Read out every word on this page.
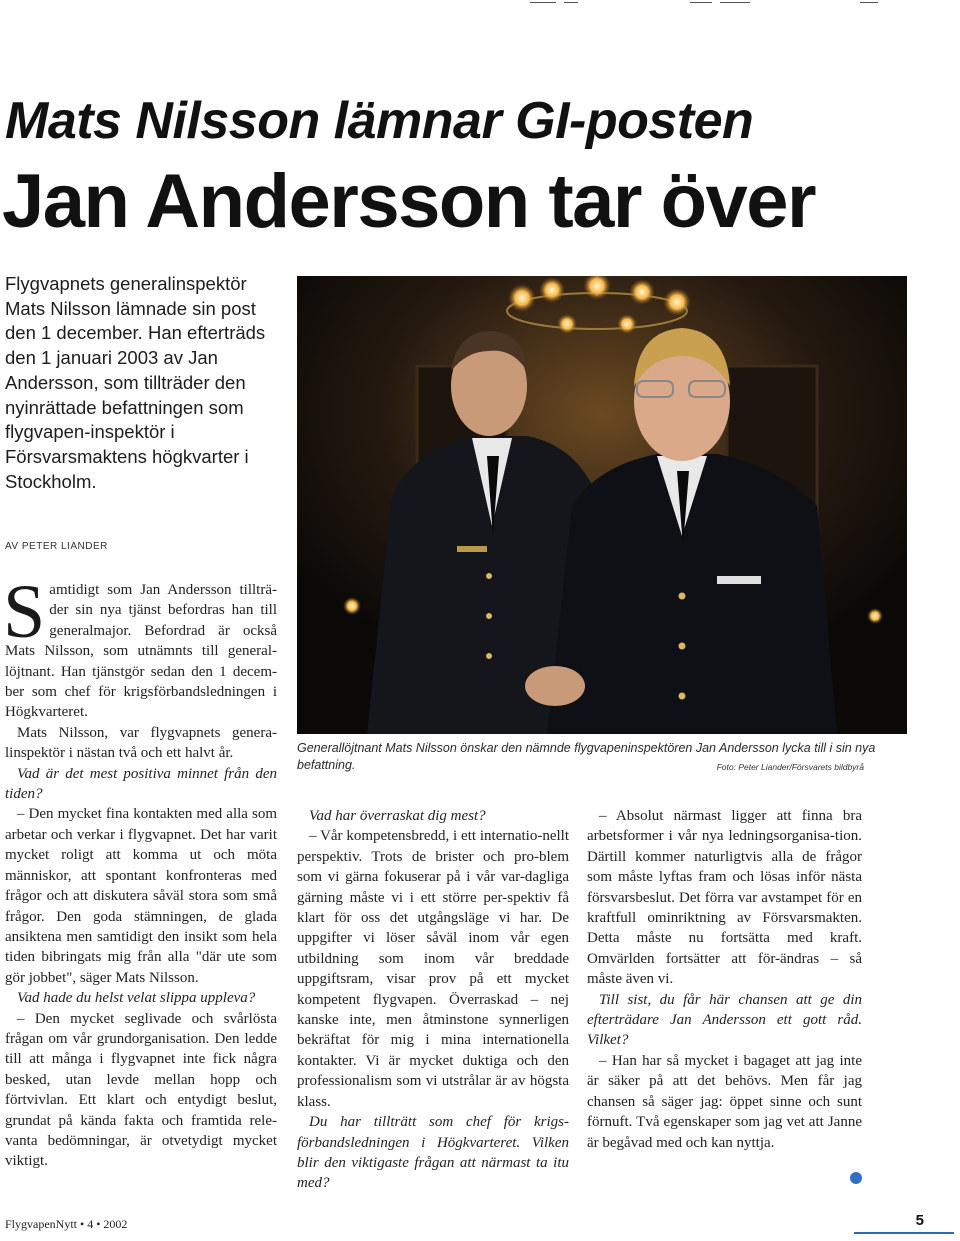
Mats Nilsson lämnar GI-posten
Jan Andersson tar över
Flygvapnets generalinspektör Mats Nilsson lämnade sin post den 1 december. Han efterträds den 1 januari 2003 av Jan Andersson, som tillträder den nyinrättade befattningen som flygvapen-inspektör i Försvarsmaktens högkvarter i Stockholm.
AV PETER LIANDER
Generallöjtnant Mats Nilsson önskar den nämnde flygvapeninspektören Jan Andersson lycka till i sin nya befattning.	Foto: Peter Liander/Försvarets bildbyrå

Samtidigt som Jan Andersson tillträ-der sin nya tjänst befordras han till generalmajor. Befordrad är också Mats Nilsson, som utnämnts till general-löjtnant. Han tjänstgör sedan den 1 decem-ber som chef för krigsförbandsledningen i Högkvarteret.

Mats Nilsson, var flygvapnets genera-linspektör i nästan två och ett halvt år.

Vad är det mest positiva minnet från den tiden?

– Den mycket fina kontakten med alla som arbetar och verkar i flygvapnet. Det har varit mycket roligt att komma ut och möta människor, att spontant konfronteras med frågor och att diskutera såväl stora som små frågor. Den goda stämningen, de glada ansiktena men samtidigt den insikt som hela tiden bibringats mig från alla "där ute som gör jobbet", säger Mats Nilsson.

Vad hade du helst velat slippa uppleva?

– Den mycket seglivade och svårlösta frågan om vår grundorganisation. Den ledde till att många i flygvapnet inte fick några besked, utan levde mellan hopp och förtvivlan. Ett klart och entydigt beslut, grundat på kända fakta och framtida rele-vanta bedömningar, är otvetydigt mycket viktigt.

Vad har överraskat dig mest?

– Vår kompetensbredd, i ett internatio-nellt perspektiv. Trots de brister och pro-blem som vi gärna fokuserar på i vår var-dagliga gärning måste vi i ett större per-spektiv få klart för oss det utgångsläge vi har. De uppgifter vi löser såväl inom vår egen utbildning som inom vår breddade uppgiftsram, visar prov på ett mycket kompetent flygvapen. Överraskad – nej kanske inte, men åtminstone synnerligen bekräftat för mig i mina internationella kontakter. Vi är mycket duktiga och den professionalism som vi utstrålar är av högsta klass.

Du har tillträtt som chef för krigs-förbandsledningen i Högkvarteret. Vilken blir den viktigaste frågan att närmast ta itu med?

– Absolut närmast ligger att finna bra arbetsformer i vår nya ledningsorganisa-tion. Därtill kommer naturligtvis alla de frågor som måste lyftas fram och lösas inför nästa försvarsbeslut. Det förra var avstampet för en kraftfull ominriktning av Försvarsmakten. Detta måste nu fortsätta med kraft. Omvärlden fortsätter att för-ändras – så måste även vi.

Till sist, du får här chansen att ge din efterträdare Jan Andersson ett gott råd. Vilket?

– Han har så mycket i bagaget att jag inte är säker på att det behövs. Men får jag chansen så säger jag: öppet sinne och sunt förnuft. Två egenskaper som jag vet att Janne är begåvad med och kan nyttja.

FlygvapenNytt • 4 • 2002	5
